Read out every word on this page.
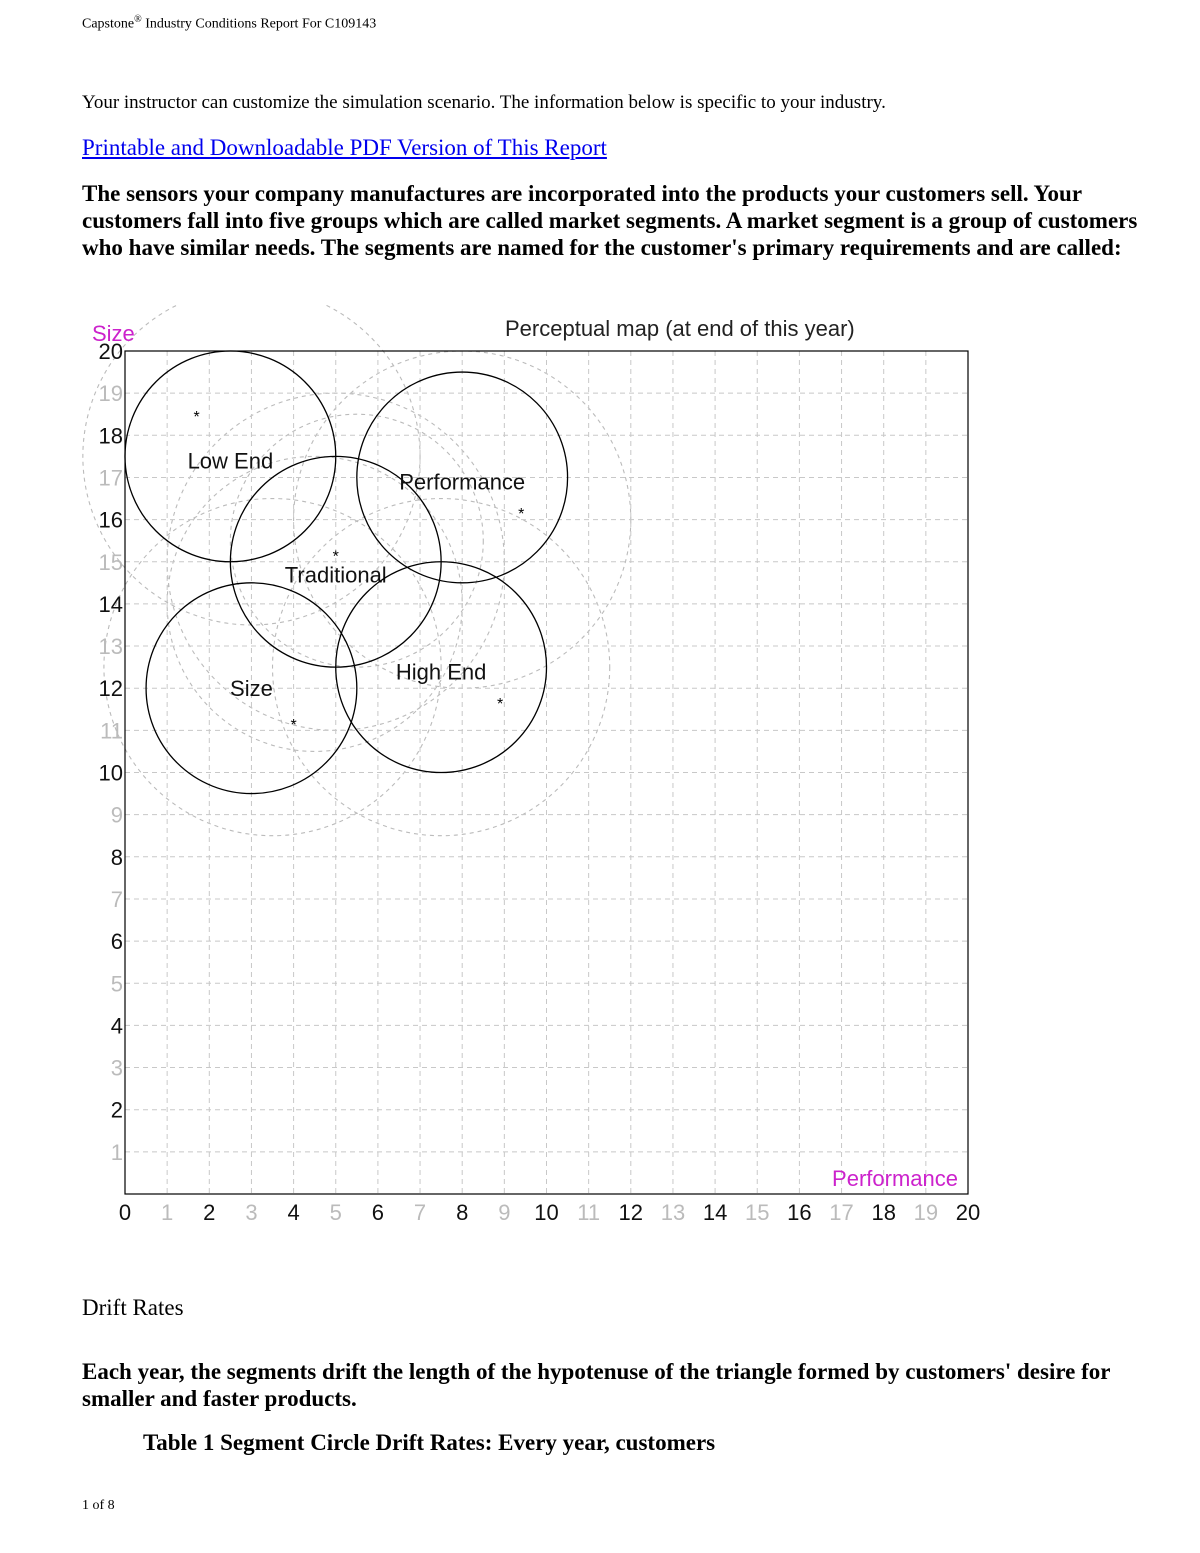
Capstone® Industry Conditions Report For C109143
Your instructor can customize the simulation scenario. The information below is specific to your industry.
Printable and Downloadable PDF Version of This Report
The sensors your company manufactures are incorporated into the products your customers sell. Your customers fall into five groups which are called market segments. A market segment is a group of customers who have similar needs. The segments are named for the customer's primary requirements and are called:
Low End
*
Traditional
*
Performance
*
Size
*
High End
*
0 1 2 3 4 5 6 7 8 9 10 11 12 13 14 15 16 17 18 19 20
1
2
3
4
5
6
7
8
9
10
11
12
13
14
15
16
17
18
19
20
Perceptual map (at end of this year)
Size
Performance
Drift Rates
Each year, the segments drift the length of the hypotenuse of the triangle formed by customers' desire for smaller and faster products.
Table 1 Segment Circle Drift Rates: Every year, customers
1 of 8
